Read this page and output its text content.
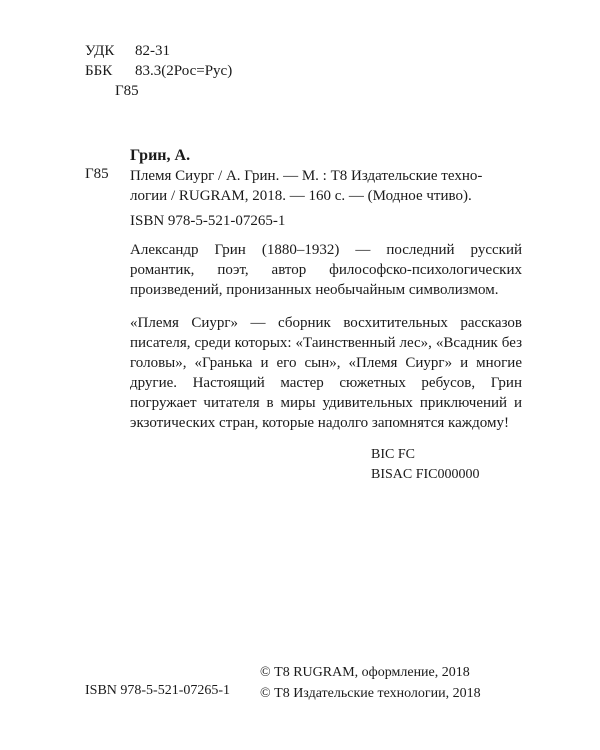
УДК 82-31
ББК 83.3(2Рос=Рус)
Г85
Грин, А.
Г85 Племя Сиург / А. Грин. — М. : Т8 Издательские техно-
логии / RUGRAM, 2018. — 160 с. — (Модное чтиво).
ISBN 978-5-521-07265-1

Александр Грин (1880–1932) — последний русский романтик, поэт, автор философско-психологических произведений, пронизанных необычайным символизмом.

«Племя Сиург» — сборник восхитительных рассказов писателя, среди которых: «Таинственный лес», «Всадник без головы», «Гранька и его сын», «Племя Сиург» и многие другие. Настоящий мастер сюжетных ребусов, Грин погружает читателя в миры удивительных приключений и экзотических стран, которые надолго запомнятся каждому!

BIC FC
BISAC FIC000000
ISBN 978-5-521-07265-1
© Т8 RUGRAM, оформление, 2018
© Т8 Издательские технологии, 2018
